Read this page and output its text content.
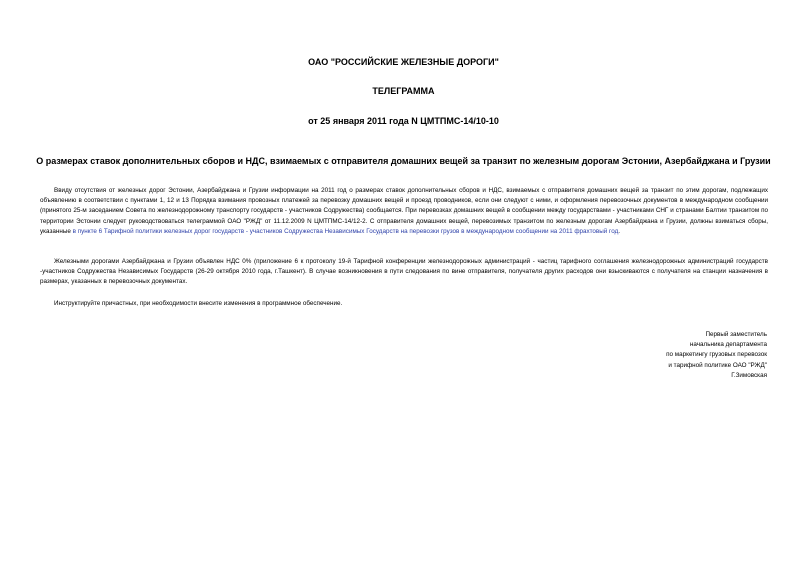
ОАО "РОССИЙСКИЕ ЖЕЛЕЗНЫЕ ДОРОГИ"
ТЕЛЕГРАММА
от 25 января 2011 года N ЦМТПМС-14/10-10
О размерах ставок дополнительных сборов и НДС, взимаемых с отправителя домашних вещей за транзит по железным дорогам Эстонии, Азербайджана и Грузии
Ввиду отсутствия от железных дорог Эстонии, Азербайджана и Грузии информации на 2011 год о размерах ставок дополнительных сборов и НДС, взимаемых с отправителя домашних вещей за транзит по этим дорогам, подлежащих объявлению в соответствии с пунктами 1, 12 и 13 Порядка взимания провозных платежей за перевозку домашних вещей и проезд проводников, если они следуют с ними, и оформления перевозочных документов в международном сообщении (принятого 25-м заседанием Совета по железнодорожному транспорту государств - участников Содружества) сообщается. При перевозках домашних вещей в сообщении между государствами - участниками СНГ и странами Балтии транзитом по территории Эстонии следует руководствоваться телеграммой ОАО "РЖД" от 11.12.2009 N ЦМТПМС-14/12-2. С отправителя домашних вещей, перевозимых транзитом по железным дорогам Азербайджана и Грузии, должны взиматься сборы, указанные в пункте 6 Тарифной политики железных дорог государств - участников Содружества Независимых Государств на перевозки грузов в международном сообщении на 2011 фрахтовый год.
Железными дорогами Азербайджана и Грузии объявлен НДС 0% (приложение 6 к протоколу 19-й Тарифной конференции железнодорожных администраций - частиц тарифного соглашения железнодорожных администраций государств -участников Содружества Независимых Государств (26-29 октября 2010 года, г.Ташкент). В случае возникновения в пути следования по вине отправителя, получателя других расходов они взыскиваются с получателя на станции назначения в размерах, указанных в перевозочных документах.
Инструктируйте причастных, при необходимости внесите изменения в программное обеспечение.
Первый заместитель
начальника департамента
по маркетингу грузовых перевозок
и тарифной политике ОАО "РЖД"
Г.Зимовская
